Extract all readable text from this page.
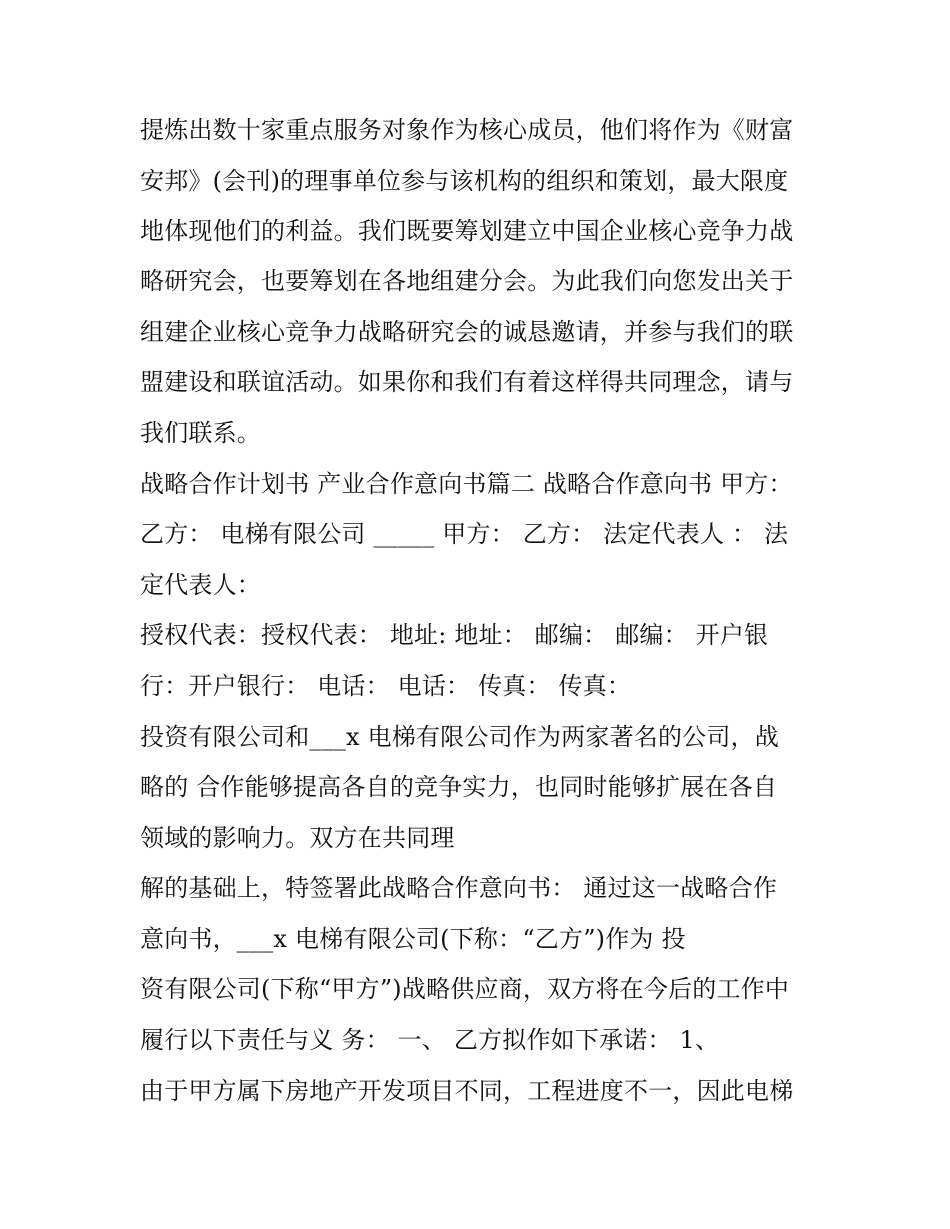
提炼出数十家重点服务对象作为核心成员，他们将作为《财富
安邦》(会刊)的理事单位参与该机构的组织和策划，最大限度
地体现他们的利益。我们既要筹划建立中国企业核心竞争力战
略研究会，也要筹划在各地组建分会。为此我们向您发出关于
组建企业核心竞争力战略研究会的诚恳邀请，并参与我们的联
盟建设和联谊活动。如果你和我们有着这样得共同理念，请与
我们联系。
战略合作计划书 产业合作意向书篇二 战略合作意向书 甲方：
乙方： 电梯有限公司 _____ 甲方： 乙方： 法定代表人 ： 法
定代表人：
授权代表：授权代表： 地址: 地址： 邮编： 邮编： 开户银
行：开户银行： 电话： 电话： 传真： 传真：
投资有限公司和___x 电梯有限公司作为两家著名的公司，战
略的 合作能够提高各自的竞争实力，也同时能够扩展在各自
领域的影响力。双方在共同理
解的基础上，特签署此战略合作意向书： 通过这一战略合作
意向书，___x 电梯有限公司(下称：“乙方”)作为 投
资有限公司(下称“甲方”)战略供应商，双方将在今后的工作中
履行以下责任与义 务： 一、 乙方拟作如下承诺： 1、
由于甲方属下房地产开发项目不同，工程进度不一，因此电梯
